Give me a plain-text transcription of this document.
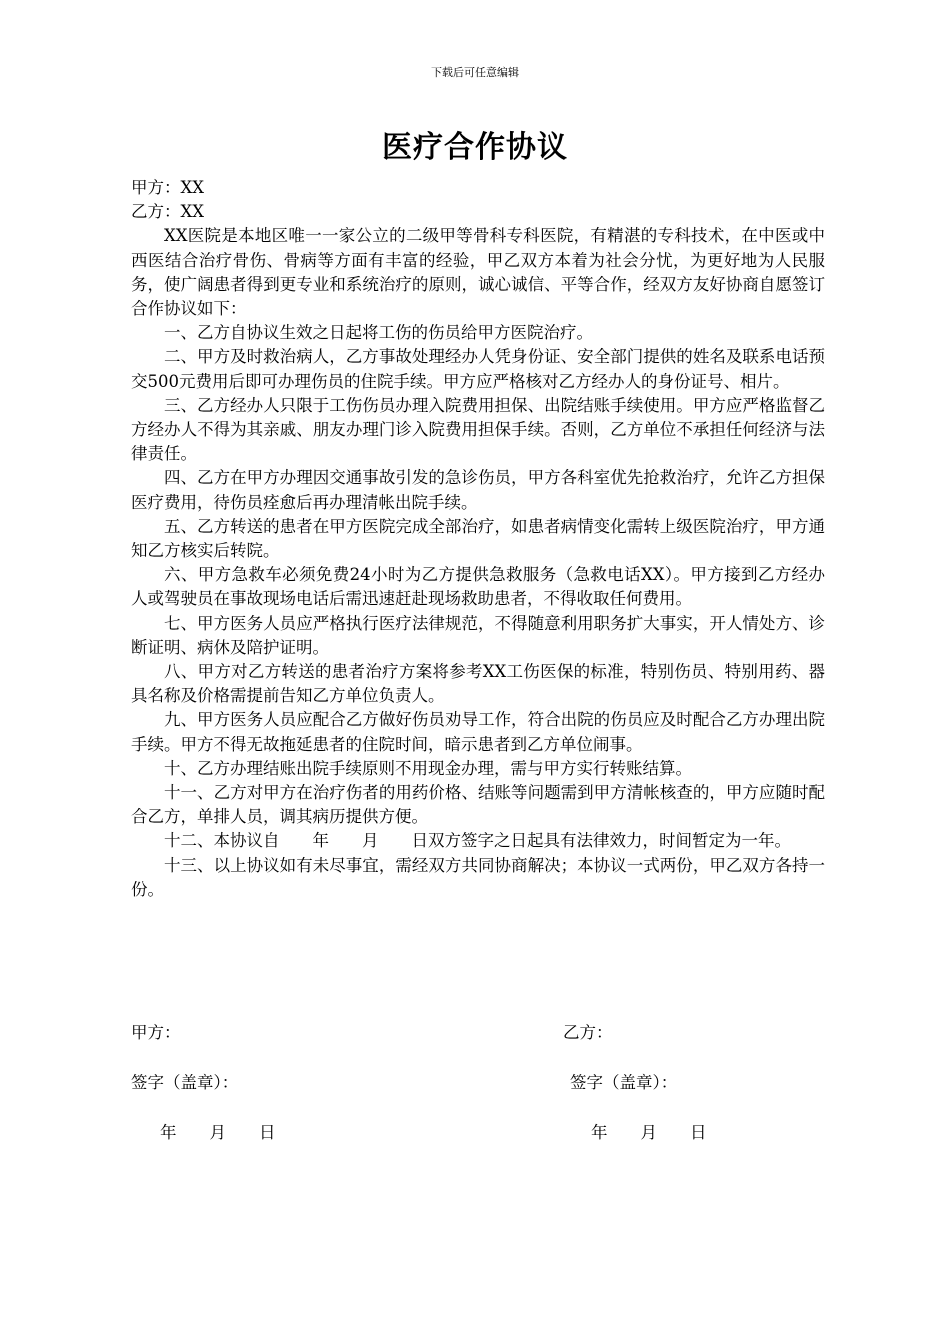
下载后可任意编辑
医疗合作协议

甲方：XX

乙方：XX

XX医院是本地区唯一一家公立的二级甲等骨科专科医院，有精湛的专科技术，在中医或中西医结合治疗骨伤、骨病等方面有丰富的经验，甲乙双方本着为社会分忧，为更好地为人民服务，使广阔患者得到更专业和系统治疗的原则，诚心诚信、平等合作，经双方友好协商自愿签订合作协议如下：

一、乙方自协议生效之日起将工伤的伤员给甲方医院治疗。

二、甲方及时救治病人，乙方事故处理经办人凭身份证、安全部门提供的姓名及联系电话预交500元费用后即可办理伤员的住院手续。甲方应严格核对乙方经办人的身份证号、相片。

三、乙方经办人只限于工伤伤员办理入院费用担保、出院结账手续使用。甲方应严格监督乙方经办人不得为其亲戚、朋友办理门诊入院费用担保手续。否则，乙方单位不承担任何经济与法律责任。

四、乙方在甲方办理因交通事故引发的急诊伤员，甲方各科室优先抢救治疗，允许乙方担保医疗费用，待伤员痊愈后再办理清帐出院手续。

五、乙方转送的患者在甲方医院完成全部治疗，如患者病情变化需转上级医院治疗，甲方通知乙方核实后转院。

六、甲方急救车必须免费24小时为乙方提供急救服务（急救电话XX）。甲方接到乙方经办人或驾驶员在事故现场电话后需迅速赶赴现场救助患者，不得收取任何费用。

七、甲方医务人员应严格执行医疗法律规范，不得随意利用职务扩大事实，开人情处方、诊断证明、病休及陪护证明。

八、甲方对乙方转送的患者治疗方案将参考XX工伤医保的标准，特别伤员、特别用药、器具名称及价格需提前告知乙方单位负责人。

九、甲方医务人员应配合乙方做好伤员劝导工作，符合出院的伤员应及时配合乙方办理出院手续。甲方不得无故拖延患者的住院时间，暗示患者到乙方单位闹事。

十、乙方办理结账出院手续原则不用现金办理，需与甲方实行转账结算。

十一、乙方对甲方在治疗伤者的用药价格、结账等问题需到甲方清帐核查的，甲方应随时配合乙方，单排人员，调其病历提供方便。

十二、本协议自　　年　　月　　日双方签字之日起具有法律效力，时间暂定为一年。

十三、以上协议如有未尽事宜，需经双方共同协商解决；本协议一式两份，甲乙双方各持一份。

甲方：	乙方：
签字（盖章）：	签字（盖章）：
年　　月　　日	年　　月　　日
